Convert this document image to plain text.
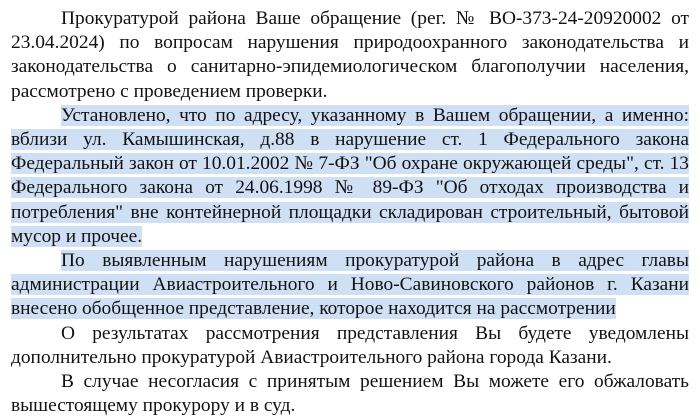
Прокуратурой района Ваше обращение (рег. № ВО-373-24-20920002 от 23.04.2024) по вопросам нарушения природоохранного законодательства и законодательства о санитарно-эпидемиологическом благополучии населения, рассмотрено с проведением проверки.

Установлено, что по адресу, указанному в Вашем обращении, а именно: вблизи ул. Камышинская, д.88 в нарушение ст. 1 Федерального закона Федеральный закон от 10.01.2002 № 7-ФЗ "Об охране окружающей среды", ст. 13 Федерального закона от 24.06.1998 № 89-ФЗ "Об отходах производства и потребления" вне контейнерной площадки складирован строительный, бытовой мусор и прочее.

По выявленным нарушениям прокуратурой района в адрес главы администрации Авиастроительного и Ново-Савиновского районов г. Казани внесено обобщенное представление, которое находится на рассмотрении

О результатах рассмотрения представления Вы будете уведомлены дополнительно прокуратурой Авиастроительного района города Казани.

В случае несогласия с принятым решением Вы можете его обжаловать вышестоящему прокурору и в суд.
